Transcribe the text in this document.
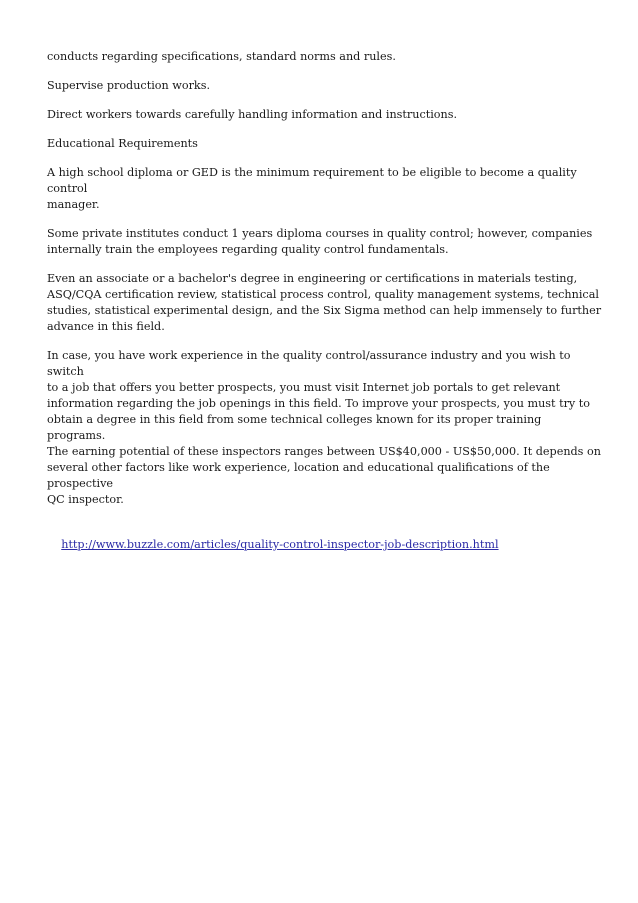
conducts regarding specifications, standard norms and rules.

Supervise production works.

Direct workers towards carefully handling information and instructions.

Educational Requirements

A high school diploma or GED is the minimum requirement to be eligible to become a quality control
manager.

Some private institutes conduct 1 years diploma courses in quality control; however, companies
internally train the employees regarding quality control fundamentals.

Even an associate or a bachelor's degree in engineering or certifications in materials testing,
ASQ/CQA certification review, statistical process control, quality management systems, technical
studies, statistical experimental design, and the Six Sigma method can help immensely to further
advance in this field.

In case, you have work experience in the quality control/assurance industry and you wish to switch
to a job that offers you better prospects, you must visit Internet job portals to get relevant
information regarding the job openings in this field. To improve your prospects, you must try to
obtain a degree in this field from some technical colleges known for its proper training programs.
The earning potential of these inspectors ranges between US$40,000 - US$50,000. It depends on
several other factors like work experience, location and educational qualifications of the prospective
QC inspector.

http://www.buzzle.com/articles/quality-control-inspector-job-description.html
